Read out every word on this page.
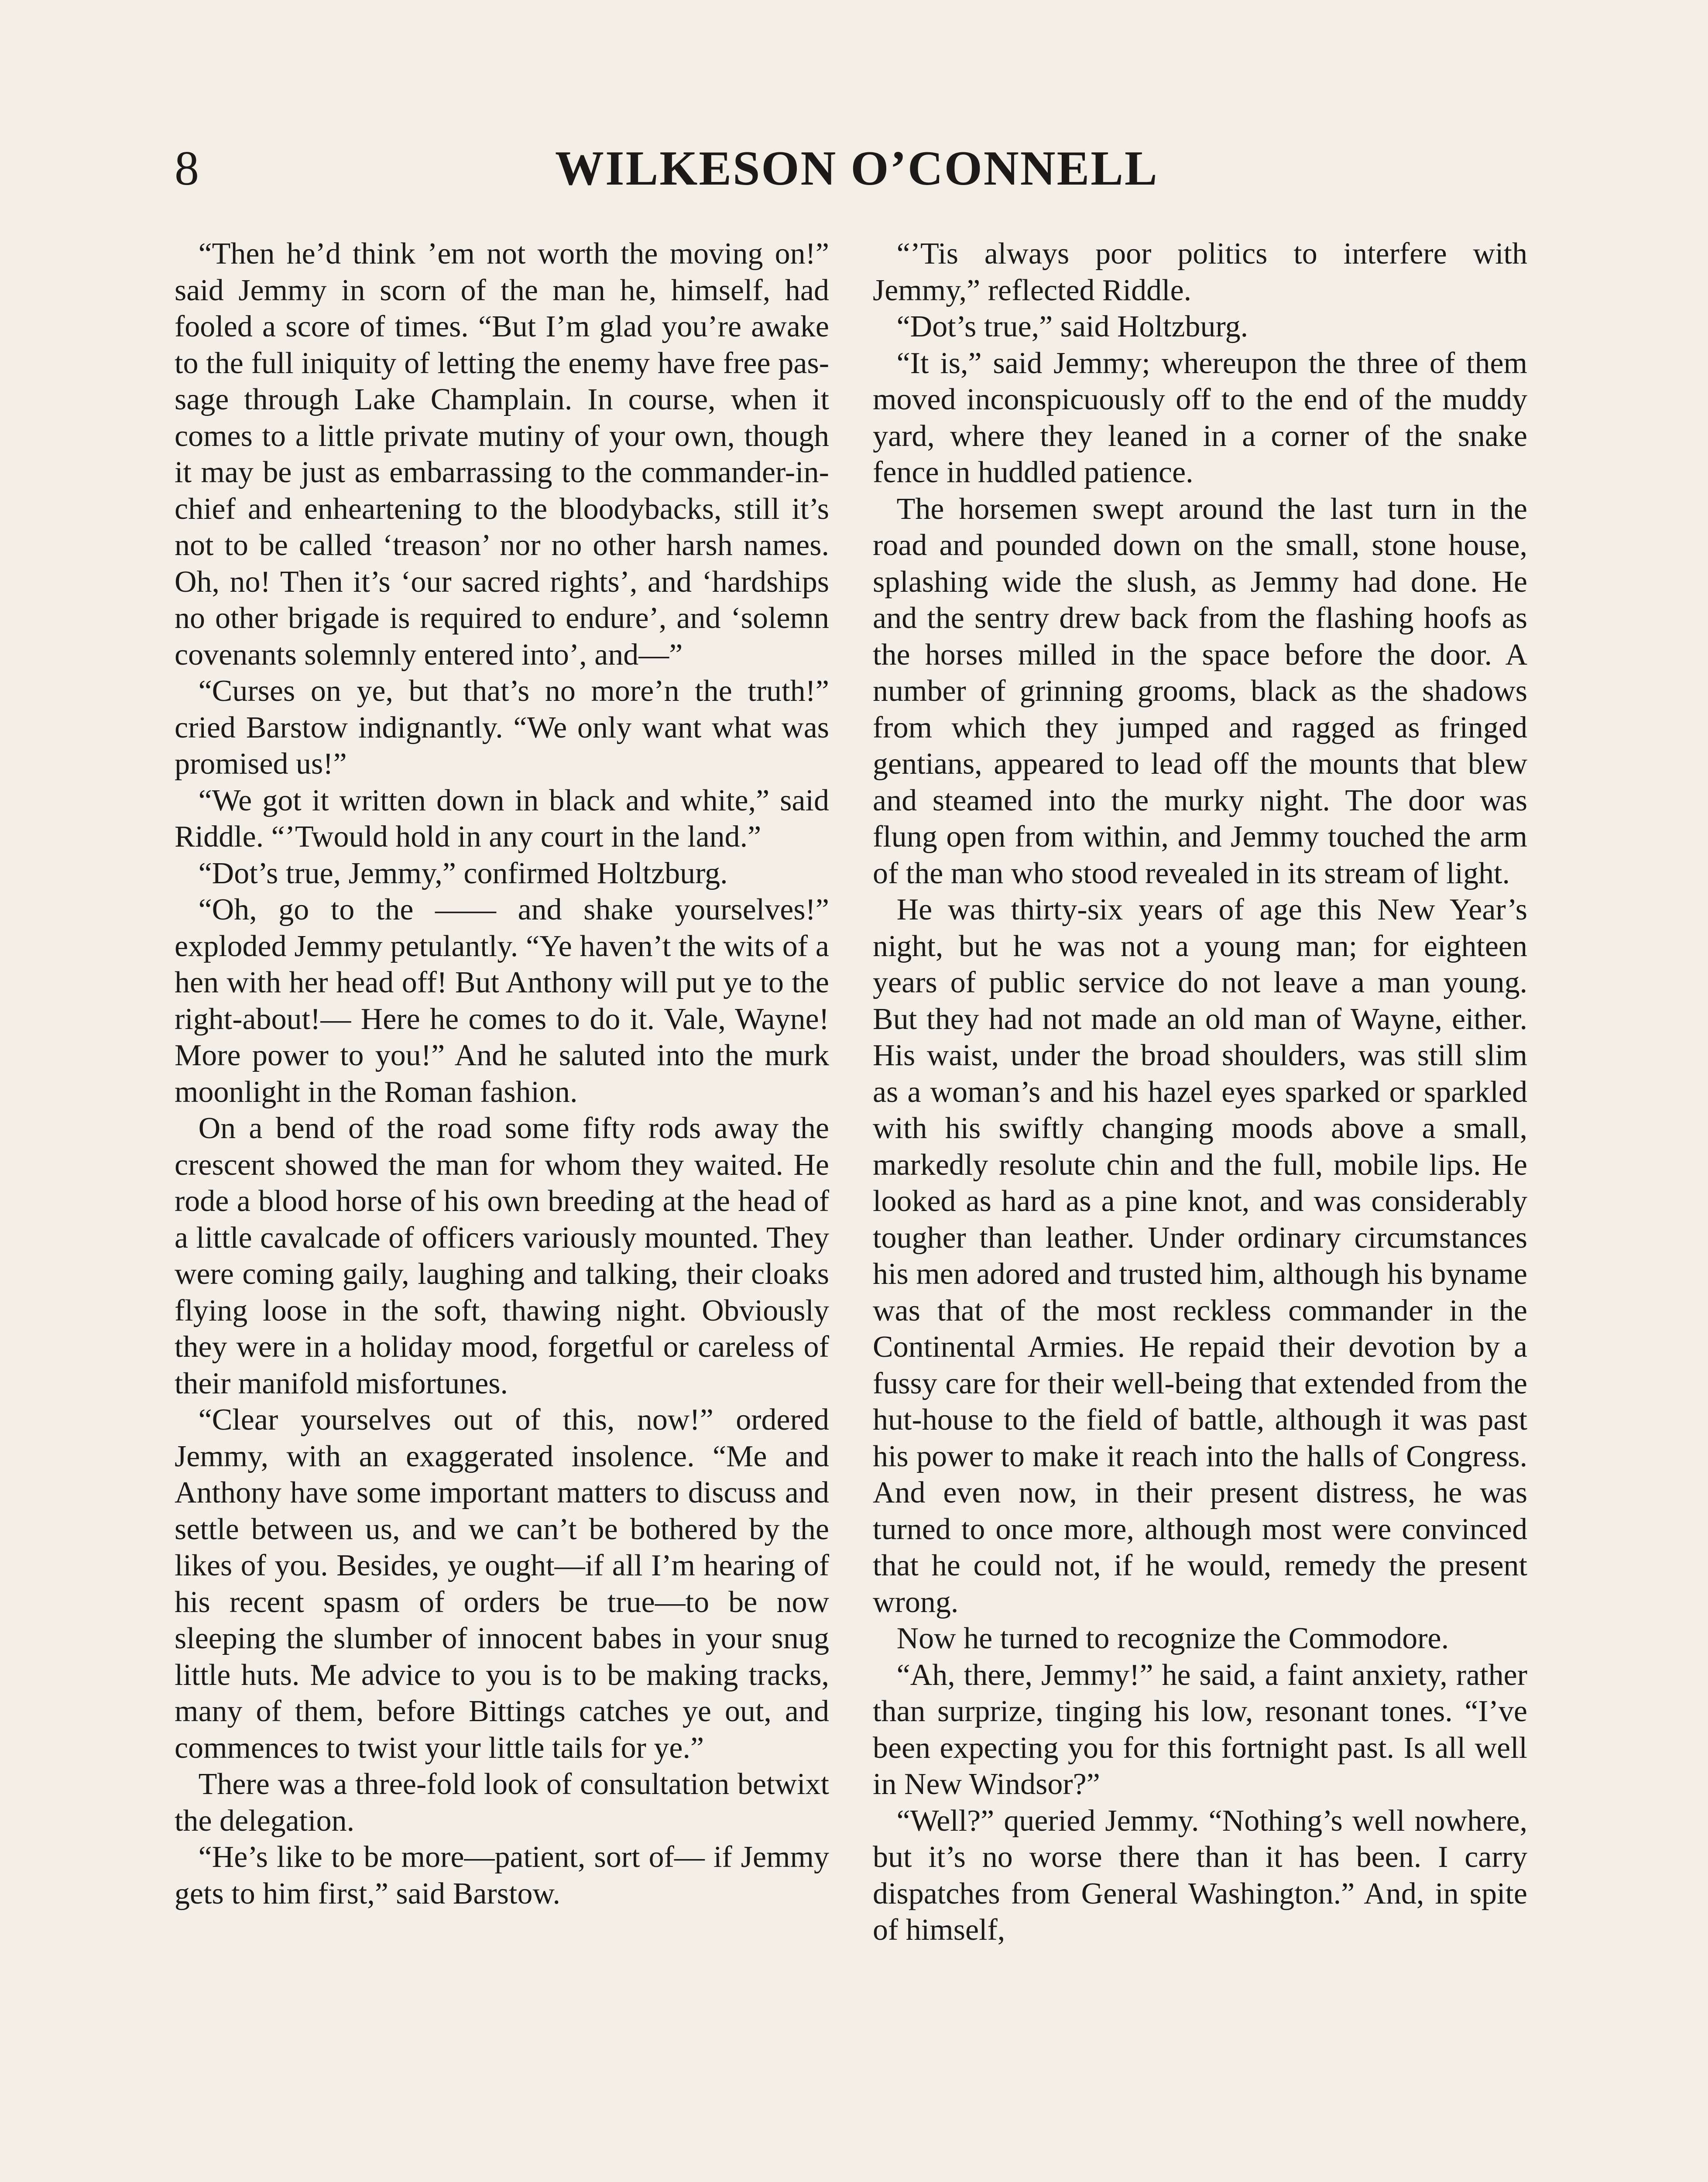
8	WILKESON O’CONNELL

“Then he’d think ’em not worth the moving on!” said Jemmy in scorn of the man he, himself, had fooled a score of times. “But I’m glad you’re awake to the full iniquity of letting the enemy have free passage through Lake Champlain. In course, when it comes to a little private mutiny of your own, though it may be just as embarrassing to the commander-in-chief and enheartening to the bloodybacks, still it’s not to be called ‘treason’ nor no other harsh names. Oh, no! Then it’s ‘our sacred rights’, and ‘hardships no other brigade is required to endure’, and ‘solemn covenants solemnly entered into’, and—”

“Curses on ye, but that’s no more’n the truth!” cried Barstow indignantly. “We only want what was promised us!”

“We got it written down in black and white,” said Riddle. “’Twould hold in any court in the land.”

“Dot’s true, Jemmy,” confirmed Holtzburg.

“Oh, go to the —— and shake yourselves!” exploded Jemmy petulantly. “Ye haven’t the wits of a hen with her head off! But Anthony will put ye to the right-about!— Here he comes to do it. Vale, Wayne! More power to you!” And he saluted into the murk moonlight in the Roman fashion.

On a bend of the road some fifty rods away the crescent showed the man for whom they waited. He rode a blood horse of his own breeding at the head of a little cavalcade of officers variously mounted. They were coming gaily, laughing and talking, their cloaks flying loose in the soft, thawing night. Obviously they were in a holiday mood, forgetful or careless of their manifold misfortunes.

“Clear yourselves out of this, now!” ordered Jemmy, with an exaggerated insolence. “Me and Anthony have some important matters to discuss and settle between us, and we can’t be bothered by the likes of you. Besides, ye ought—if all I’m hearing of his recent spasm of orders be true—to be now sleeping the slumber of innocent babes in your snug little huts. Me advice to you is to be making tracks, many of them, before Bittings catches ye out, and commences to twist your little tails for ye.”

There was a three-fold look of consultation betwixt the delegation.

“He’s like to be more—patient, sort of— if Jemmy gets to him first,” said Barstow.

“’Tis always poor politics to interfere with Jemmy,” reflected Riddle.

“Dot’s true,” said Holtzburg.

“It is,” said Jemmy; whereupon the three of them moved inconspicuously off to the end of the muddy yard, where they leaned in a corner of the snake fence in huddled patience.

The horsemen swept around the last turn in the road and pounded down on the small, stone house, splashing wide the slush, as Jemmy had done. He and the sentry drew back from the flashing hoofs as the horses milled in the space before the door. A number of grinning grooms, black as the shadows from which they jumped and ragged as fringed gentians, appeared to lead off the mounts that blew and steamed into the murky night. The door was flung open from within, and Jemmy touched the arm of the man who stood revealed in its stream of light.

He was thirty-six years of age this New Year’s night, but he was not a young man; for eighteen years of public service do not leave a man young. But they had not made an old man of Wayne, either. His waist, under the broad shoulders, was still slim as a woman’s and his hazel eyes sparked or sparkled with his swiftly changing moods above a small, markedly resolute chin and the full, mobile lips. He looked as hard as a pine knot, and was considerably tougher than leather. Under ordinary circumstances his men adored and trusted him, although his byname was that of the most reckless commander in the Continental Armies. He repaid their devotion by a fussy care for their well-being that extended from the hut-house to the field of battle, although it was past his power to make it reach into the halls of Congress. And even now, in their present distress, he was turned to once more, although most were convinced that he could not, if he would, remedy the present wrong.

Now he turned to recognize the Commodore.

“Ah, there, Jemmy!” he said, a faint anxiety, rather than surprize, tinging his low, resonant tones. “I’ve been expecting you for this fortnight past. Is all well in New Windsor?”

“Well?” queried Jemmy. “Nothing’s well nowhere, but it’s no worse there than it has been. I carry dispatches from General Washington.” And, in spite of himself,
